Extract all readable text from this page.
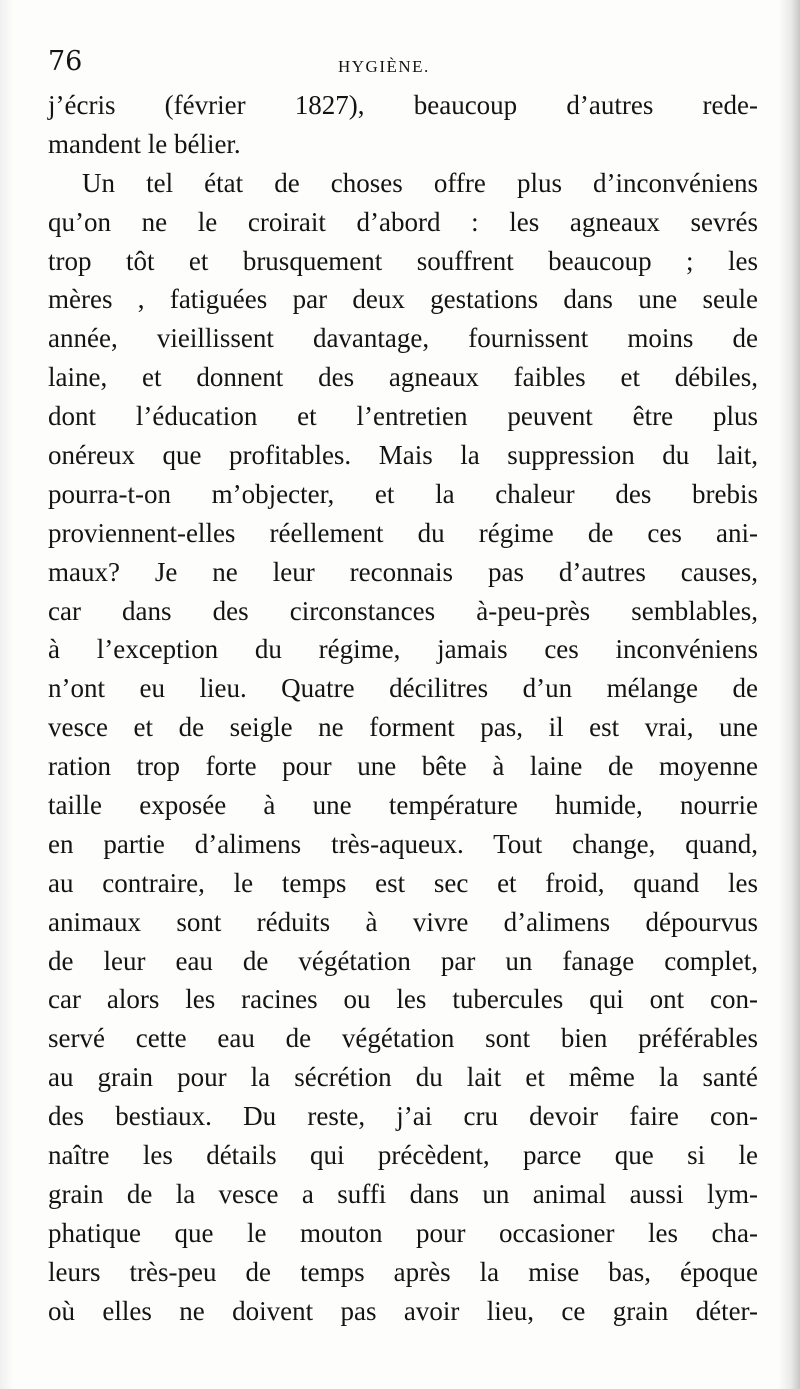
76	HYGIÈNE.
j’écris (février 1827), beaucoup d’autres rede-
mandent le bélier.
Un tel état de choses offre plus d’inconvéniens
qu’on ne le croirait d’abord : les agneaux sevrés
trop tôt et brusquement souffrent beaucoup ; les
mères , fatiguées par deux gestations dans une seule
année, vieillissent davantage, fournissent moins de
laine, et donnent des agneaux faibles et débiles,
dont l’éducation et l’entretien peuvent être plus
onéreux que profitables. Mais la suppression du lait,
pourra-t-on m’objecter, et la chaleur des brebis
proviennent-elles réellement du régime de ces ani-
maux? Je ne leur reconnais pas d’autres causes,
car dans des circonstances à-peu-près semblables,
à l’exception du régime, jamais ces inconvéniens
n’ont eu lieu. Quatre décilitres d’un mélange de
vesce et de seigle ne forment pas, il est vrai, une
ration trop forte pour une bête à laine de moyenne
taille exposée à une température humide, nourrie
en partie d’alimens très-aqueux. Tout change, quand,
au contraire, le temps est sec et froid, quand les
animaux sont réduits à vivre d’alimens dépourvus
de leur eau de végétation par un fanage complet,
car alors les racines ou les tubercules qui ont con-
servé cette eau de végétation sont bien préférables
au grain pour la sécrétion du lait et même la santé
des bestiaux. Du reste, j’ai cru devoir faire con-
naître les détails qui précèdent, parce que si le
grain de la vesce a suffi dans un animal aussi lym-
phatique que le mouton pour occasioner les cha-
leurs très-peu de temps après la mise bas, époque
où elles ne doivent pas avoir lieu, ce grain déter-
